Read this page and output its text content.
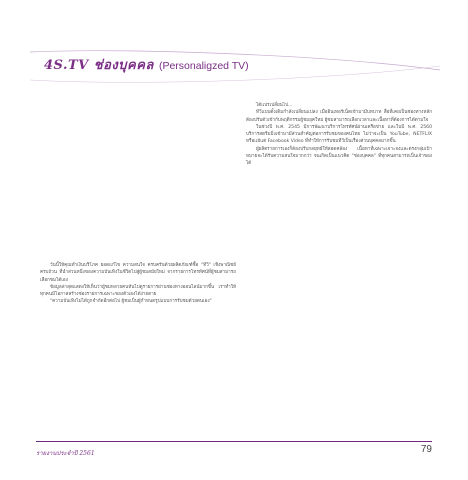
4S.TV ช่องบุคคล (Personaligzed TV)

วันนี้ให้คุณทำเงินบริโภค ยอดแก้ไข ความสนใจ ครบครันด้วยผลิตภัณฑ์ซื้อ "ทีวี" เชิงพาณิชย์ครบถ้วน ที่นำส่วนหนึ่งของความบันเทิงในชีวิตไปสู่ผู้ชมสมัยใหม่ จากรายการโทรทัศน์ที่ผู้ชมสามารถเลือกชมได้เอง

ข้อมูลล่าสุดแสดงให้เห็นว่าผู้ชมหลายคนหันไปดูรายการผ่านช่องทางออนไลน์มากขึ้น เราทำให้ทุกคนมีโอกาสสร้างช่องรายการเฉพาะของตัวเองได้ง่ายดาย

"ความบันเทิงไม่ได้ถูกจำกัดอีกต่อไป ผู้ชมเป็นผู้กำหนดรูปแบบการรับชมด้วยตนเอง"

ได้แปรเปลี่ยนไป...

ทีวีแบบดั้งเดิมกำลังเปลี่ยนแปลง เมื่ออินเทอร์เน็ตเข้ามามีบทบาท สื่อที่เคยเป็นช่องทางหลักต้องปรับตัวเข้ากับพฤติกรรมผู้ชมยุคใหม่ ผู้ชมสามารถเลือกเวลาและเนื้อหาที่ต้องการได้ตามใจ

ในช่วงปี พ.ศ. 2545 มีการพัฒนาบริการโทรทัศน์ผ่านเครือข่าย และในปี พ.ศ. 2560 บริการสตรีมมิ่งเข้ามามีส่วนสำคัญต่อการรับชมของคนไทย ไม่ว่าจะเป็น YouTube, NETFLIX หรือแม้แต่ Facebook Video ที่ทำให้การรับชมทีวีเป็นเรื่องส่วนบุคคลมากขึ้น

ผู้ผลิตรายการเองก็ต้องปรับกลยุทธ์ให้สอดคล้อง เนื้อหาที่เฉพาะเจาะจงและตรงกลุ่มเป้าหมายจะได้รับความสนใจมากกว่า จนเกิดเป็นแนวคิด "ช่องบุคคล" ที่ทุกคนสามารถเป็นเจ้าของได้

รายงานประจำปี 2561	79
